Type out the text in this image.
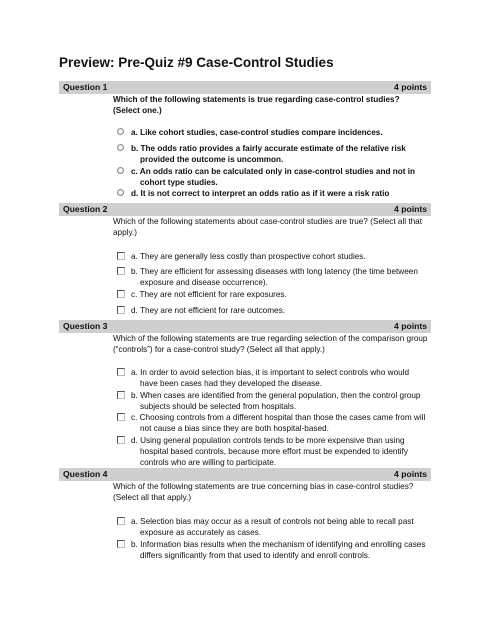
Preview: Pre-Quiz #9 Case-Control Studies
Question 1	4 points
Which of the following statements is true regarding case-control studies? (Select one.)
a. Like cohort studies, case-control studies compare incidences.
b. The odds ratio provides a fairly accurate estimate of the relative risk provided the outcome is uncommon.
c. An odds ratio can be calculated only in case-control studies and not in cohort type studies.
d. It is not correct to interpret an odds ratio as if it were a risk ratio
Question 2	4 points
Which of the following statements about case-control studies are true? (Select all that apply.)
a. They are generally less costly than prospective cohort studies.
b. They are efficient for assessing diseases with long latency (the time between exposure and disease occurrence).
c. They are not efficient for rare exposures.
d. They are not efficient for rare outcomes.
Question 3	4 points
Which of the following statements are true regarding selection of the comparison group (“controls”) for a case-control study? (Select all that apply.)
a. In order to avoid selection bias, it is important to select controls who would have been cases had they developed the disease.
b. When cases are identified from the general population, then the control group subjects should be selected from hospitals.
c. Choosing controls from a different hospital than those the cases came from will not cause a bias since they are both hospital-based.
d. Using general population controls tends to be more expensive than using hospital based controls, because more effort must be expended to identify controls who are willing to participate.
Question 4	4 points
Which of the following statements are true concerning bias in case-control studies? (Select all that apply.)
a. Selection bias may occur as a result of controls not being able to recall past exposure as accurately as cases.
b. Information bias results when the mechanism of identifying and enrolling cases differs significantly from that used to identify and enroll controls.
